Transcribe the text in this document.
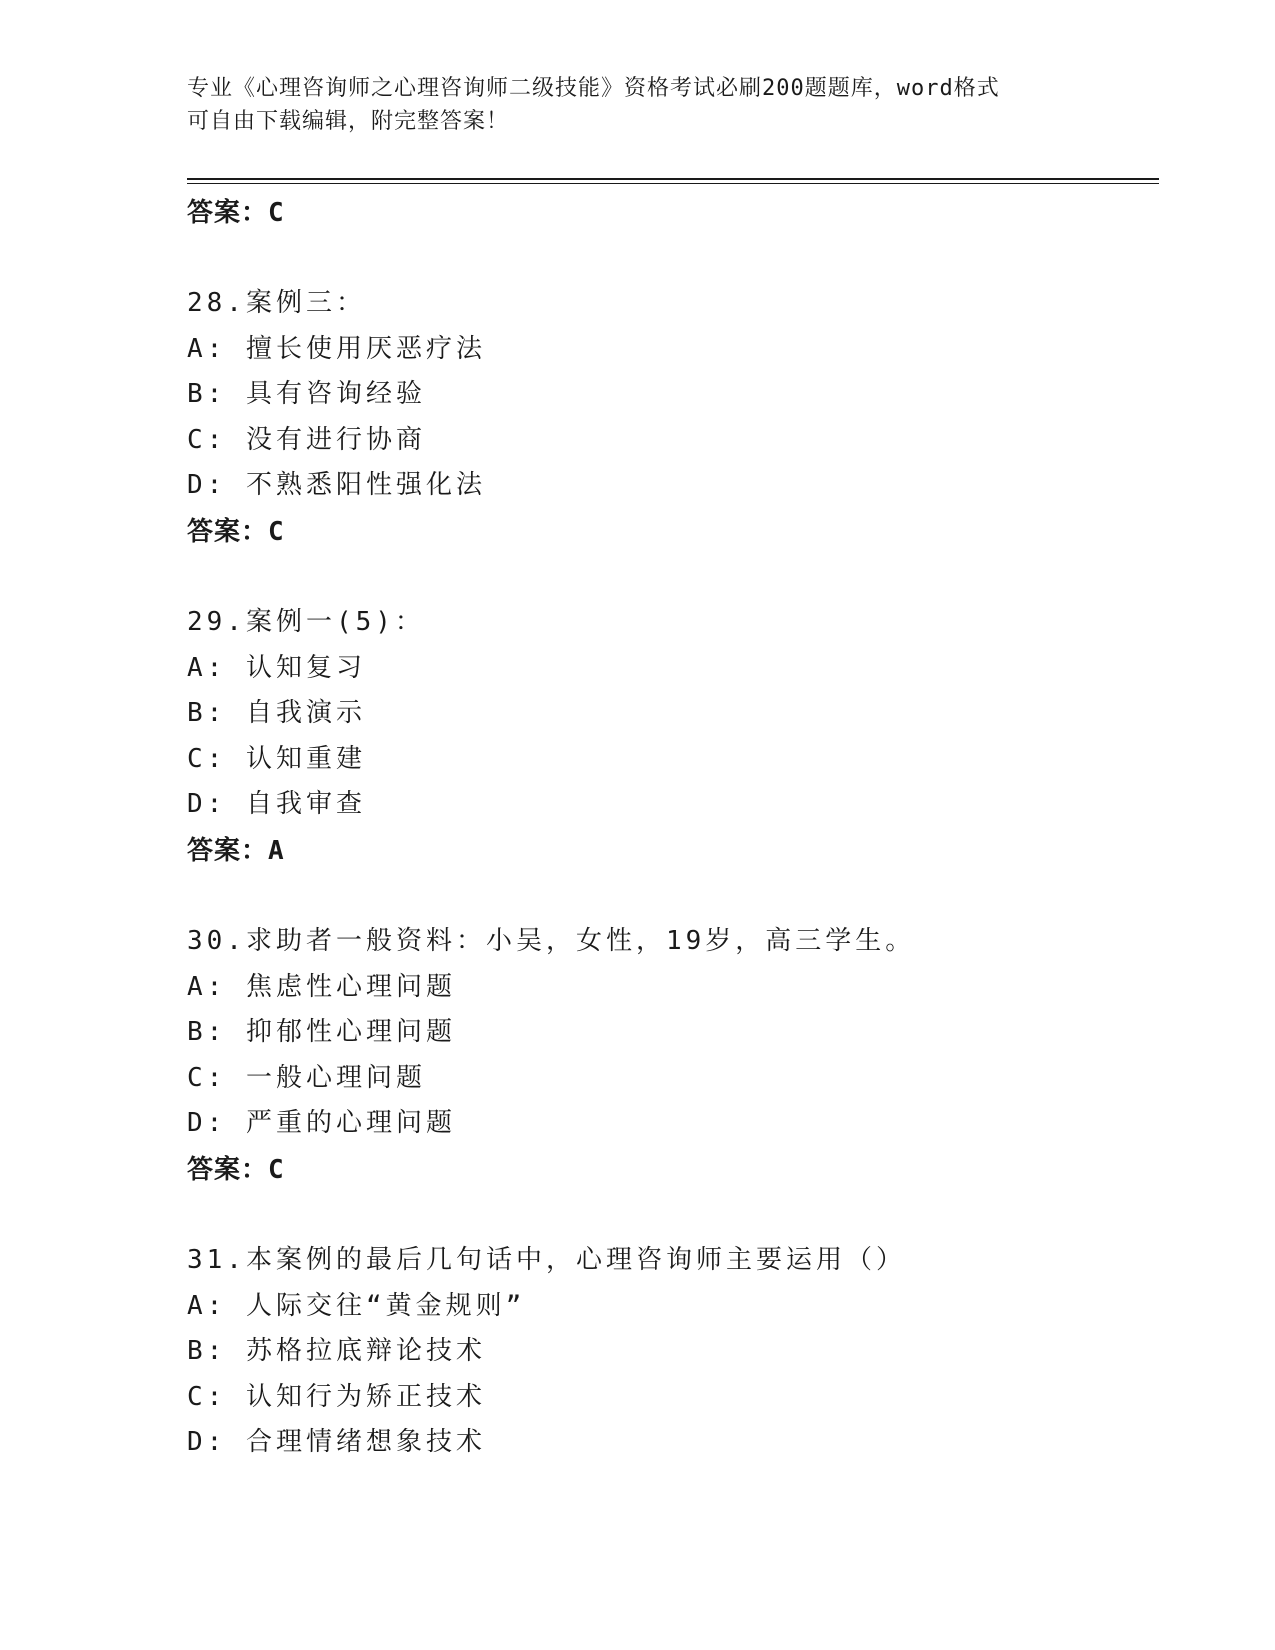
专业《心理咨询师之心理咨询师二级技能》资格考试必刷200题题库，word格式
可自由下载编辑，附完整答案！
答案：C
28.案例三：
A: 擅长使用厌恶疗法
B: 具有咨询经验
C: 没有进行协商
D: 不熟悉阳性强化法
答案：C
29.案例一(5)：
A: 认知复习
B: 自我演示
C: 认知重建
D: 自我审查
答案：A
30.求助者一般资料：小吴，女性，19岁，高三学生。
A: 焦虑性心理问题
B: 抑郁性心理问题
C: 一般心理问题
D: 严重的心理问题
答案：C
31.本案例的最后几句话中，心理咨询师主要运用（）
A: 人际交往“黄金规则”
B: 苏格拉底辩论技术
C: 认知行为矫正技术
D: 合理情绪想象技术
